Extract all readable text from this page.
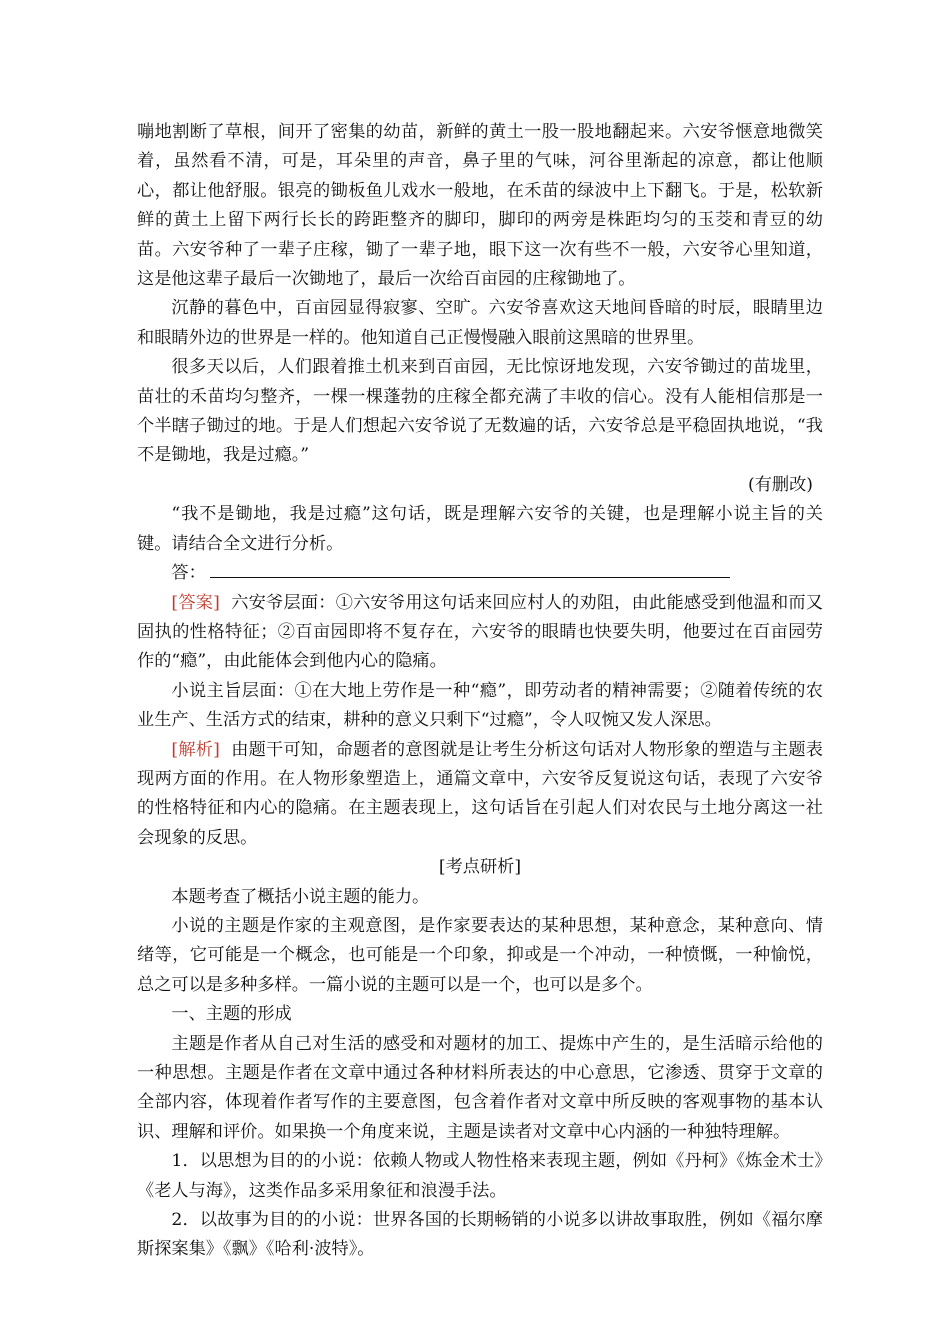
嘣地割断了草根，间开了密集的幼苗，新鲜的黄土一股一股地翻起来。六安爷惬意地微笑着，虽然看不清，可是，耳朵里的声音，鼻子里的气味，河谷里渐起的凉意，都让他顺心，都让他舒服。银亮的锄板鱼儿戏水一般地，在禾苗的绿波中上下翻飞。于是，松软新鲜的黄土上留下两行长长的跨距整齐的脚印，脚印的两旁是株距均匀的玉茭和青豆的幼苗。六安爷种了一辈子庄稼，锄了一辈子地，眼下这一次有些不一般，六安爷心里知道，这是他这辈子最后一次锄地了，最后一次给百亩园的庄稼锄地了。

沉静的暮色中，百亩园显得寂寥、空旷。六安爷喜欢这天地间昏暗的时辰，眼睛里边和眼睛外边的世界是一样的。他知道自己正慢慢融入眼前这黑暗的世界里。

很多天以后，人们跟着推土机来到百亩园，无比惊讶地发现，六安爷锄过的苗垅里，苗壮的禾苗均匀整齐，一棵一棵蓬勃的庄稼全都充满了丰收的信心。没有人能相信那是一个半瞎子锄过的地。于是人们想起六安爷说了无数遍的话，六安爷总是平稳固执地说，“我不是锄地，我是过瘾。”

(有删改)

“我不是锄地，我是过瘾”这句话，既是理解六安爷的关键，也是理解小说主旨的关键。请结合全文进行分析。

答：

[答案] 六安爷层面：①六安爷用这句话来回应村人的劝阻，由此能感受到他温和而又固执的性格特征；②百亩园即将不复存在，六安爷的眼睛也快要失明，他要过在百亩园劳作的“瘾”，由此能体会到他内心的隐痛。

小说主旨层面：①在大地上劳作是一种“瘾”，即劳动者的精神需要；②随着传统的农业生产、生活方式的结束，耕种的意义只剩下“过瘾”，令人叹惋又发人深思。

[解析] 由题干可知，命题者的意图就是让考生分析这句话对人物形象的塑造与主题表现两方面的作用。在人物形象塑造上，通篇文章中，六安爷反复说这句话，表现了六安爷的性格特征和内心的隐痛。在主题表现上，这句话旨在引起人们对农民与土地分离这一社会现象的反思。

[考点研析]

本题考查了概括小说主题的能力。

小说的主题是作家的主观意图，是作家要表达的某种思想，某种意念，某种意向、情绪等，它可能是一个概念，也可能是一个印象，抑或是一个冲动，一种愤慨，一种愉悦，总之可以是多种多样。一篇小说的主题可以是一个，也可以是多个。

一、主题的形成

主题是作者从自己对生活的感受和对题材的加工、提炼中产生的，是生活暗示给他的一种思想。主题是作者在文章中通过各种材料所表达的中心意思，它渗透、贯穿于文章的全部内容，体现着作者写作的主要意图，包含着作者对文章中所反映的客观事物的基本认识、理解和评价。如果换一个角度来说，主题是读者对文章中心内涵的一种独特理解。

1．以思想为目的的小说：依赖人物或人物性格来表现主题，例如《丹柯》《炼金术士》《老人与海》，这类作品多采用象征和浪漫手法。

2．以故事为目的的小说：世界各国的长期畅销的小说多以讲故事取胜，例如《福尔摩斯探案集》《飘》《哈利·波特》。
